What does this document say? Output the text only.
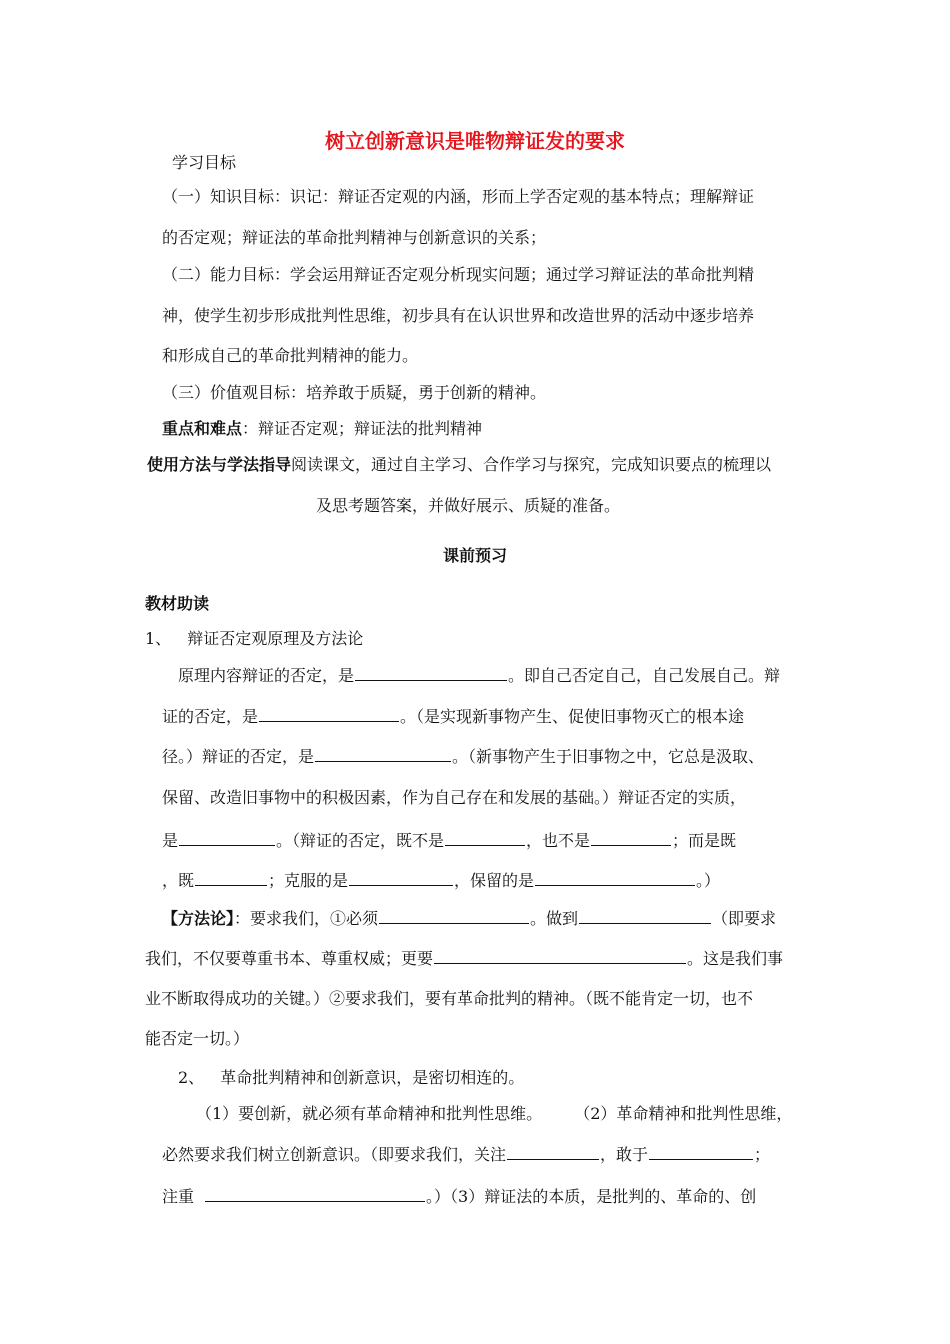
树立创新意识是唯物辩证发的要求
学习目标
（一）知识目标：识记：辩证否定观的内涵，形而上学否定观的基本特点；理解辩证
的否定观；辩证法的革命批判精神与创新意识的关系；
（二）能力目标：学会运用辩证否定观分析现实问题；通过学习辩证法的革命批判精
神，使学生初步形成批判性思维，初步具有在认识世界和改造世界的活动中逐步培养
和形成自己的革命批判精神的能力。
（三）价值观目标：培养敢于质疑，勇于创新的精神。
重点和难点：辩证否定观；辩证法的批判精神
使用方法与学法指导阅读课文，通过自主学习、合作学习与探究，完成知识要点的梳理以
及思考题答案，并做好展示、质疑的准备。
课前预习
教材助读
1、 辩证否定观原理及方法论
原理内容辩证的否定，是	。即自己否定自己，自己发展自己。辩
证的否定，是	。（是实现新事物产生、促使旧事物灭亡的根本途
径。）辩证的否定，是	。（新事物产生于旧事物之中，它总是汲取、
保留、改造旧事物中的积极因素，作为自己存在和发展的基础。）辩证否定的实质，
是	。（辩证的否定，既不是	，也不是	；而是既
，既	；克服的是	，保留的是	。）
【方法论】：要求我们，①必须	。做到	（即要求
我们，不仅要尊重书本、尊重权威；更要	。这是我们事
业不断取得成功的关键。）②要求我们，要有革命批判的精神。（既不能肯定一切，也不
能否定一切。）
2、 革命批判精神和创新意识，是密切相连的。
（1）要创新，就必须有革命精神和批判性思维。 （2）革命精神和批判性思维，
必然要求我们树立创新意识。（即要求我们，关注	，敢于	；
注重	。）（3）辩证法的本质，是批判的、革命的、创
